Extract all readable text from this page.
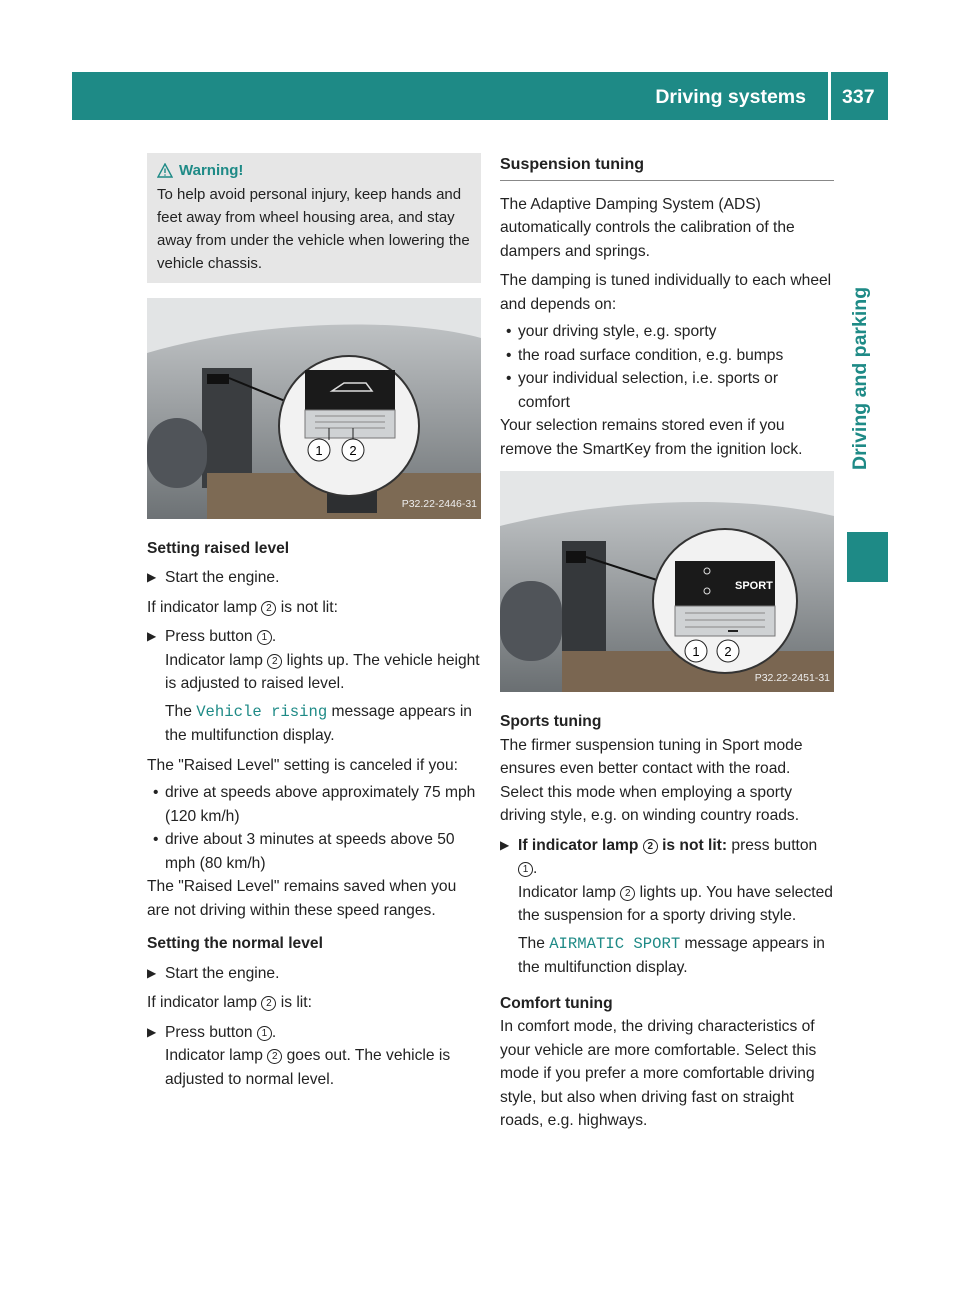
Driving systems	337
Driving and parking
Warning!
To help avoid personal injury, keep hands and feet away from wheel housing area, and stay away from under the vehicle when lowering the vehicle chassis.
1 2
P32.22-2446-31
Setting raised level
▶ Start the engine.

If indicator lamp 2 is not lit:

▶ Press button 1 .
Indicator lamp 2 lights up. The vehicle height is adjusted to raised level.
The Vehicle rising message appears in the multifunction display.

The "Raised Level" setting is canceled if you:

• drive at speeds above approximately 75 mph (120 km/h)
• drive about 3 minutes at speeds above 50 mph (80 km/h)

The "Raised Level" remains saved when you are not driving within these speed ranges.

Setting the normal level
▶ Start the engine.

If indicator lamp 2 is lit:

▶ Press button 1 .
Indicator lamp 2 goes out. The vehicle is adjusted to normal level.
Suspension tuning

The Adaptive Damping System (ADS) automatically controls the calibration of the dampers and springs.

The damping is tuned individually to each wheel and depends on:

• your driving style, e.g. sporty
• the road surface condition, e.g. bumps
• your individual selection, i.e. sports or comfort

Your selection remains stored even if you remove the SmartKey from the ignition lock.

SPORT
1 2
P32.22-2451-31
Sports tuning

The firmer suspension tuning in Sport mode ensures even better contact with the road. Select this mode when employing a sporty driving style, e.g. on winding country roads.

▶ If indicator lamp 2 is not lit: press button 1 .
Indicator lamp 2 lights up. You have selected the suspension for a sporty driving style.
The AIRMATIC SPORT message appears in the multifunction display.
Comfort tuning

In comfort mode, the driving characteristics of your vehicle are more comfortable. Select this mode if you prefer a more comfortable driving style, but also when driving fast on straight roads, e.g. highways.
